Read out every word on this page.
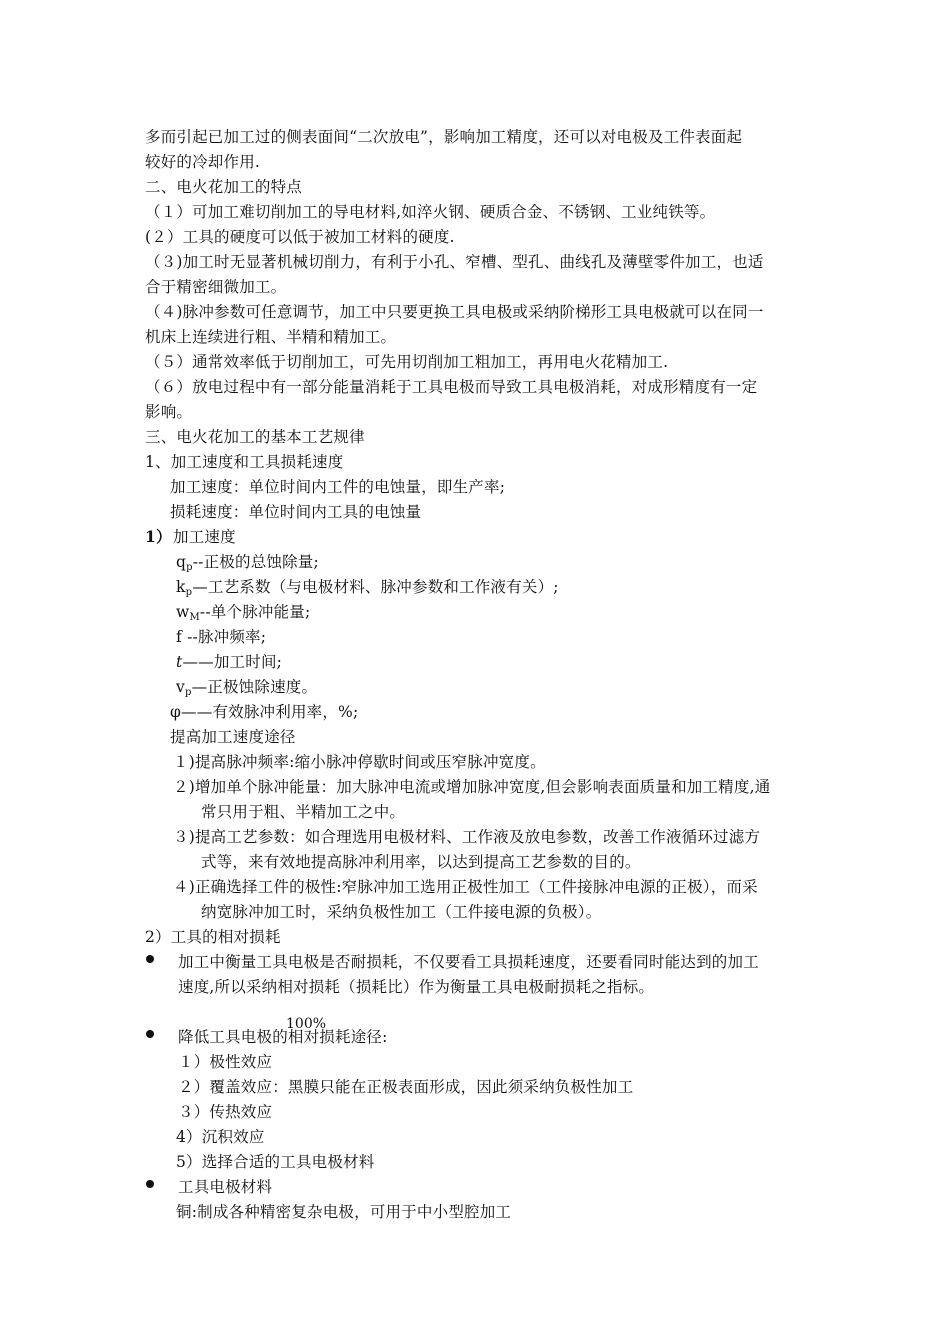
多而引起已加工过的侧表面间“二次放电”，影响加工精度，还可以对电极及工件表面起
较好的冷却作用.
二、电火花加工的特点
（１）可加工难切削加工的导电材料,如淬火钢、硬质合金、不锈钢、工业纯铁等。
(２）工具的硬度可以低于被加工材料的硬度.
（３)加工时无显著机械切削力，有利于小孔、窄槽、型孔、曲线孔及薄壁零件加工，也适
合于精密细微加工。
（４)脉冲参数可任意调节，加工中只要更换工具电极或采纳阶梯形工具电极就可以在同一
机床上连续进行粗、半精和精加工。
（５）通常效率低于切削加工，可先用切削加工粗加工，再用电火花精加工.
（６）放电过程中有一部分能量消耗于工具电极而导致工具电极消耗，对成形精度有一定
影响。
三、电火花加工的基本工艺规律
1、加工速度和工具损耗速度
加工速度：单位时间内工件的电蚀量，即生产率;
损耗速度：单位时间内工具的电蚀量
1） 加工速度
$q_p--$正极的总蚀除量;
$k_p—$工艺系数（与电极材料、脉冲参数和工作液有关）;
$w_M--$单个脉冲能量;
f --脉冲频率;
t——加工时间;
$v_p—$正极蚀除速度。
φ——有效脉冲利用率，%;
提高加工速度途径
１)提高脉冲频率:缩小脉冲停歇时间或压窄脉冲宽度。
２)增加单个脉冲能量：加大脉冲电流或增加脉冲宽度,但会影响表面质量和加工精度,通
常只用于粗、半精加工之中。
３)提高工艺参数：如合理选用电极材料、工作液及放电参数，改善工作液循环过滤方
式等，来有效地提高脉冲利用率，以达到提高工艺参数的目的。
４)正确选择工件的极性:窄脉冲加工选用正极性加工（工件接脉冲电源的正极），而采
纳宽脉冲加工时，采纳负极性加工（工件接电源的负极）。
2）工具的相对损耗
加工中衡量工具电极是否耐损耗，不仅要看工具损耗速度，还要看同时能达到的加工
速度,所以采纳相对损耗（损耗比）作为衡量工具电极耐损耗之指标。
100%
降低工具电极的相对损耗途径:
１）极性效应
２）覆盖效应：黑膜只能在正极表面形成，因此须采纳负极性加工
３）传热效应
4）沉积效应
5）选择合适的工具电极材料
工具电极材料
铜:制成各种精密复杂电极，可用于中小型腔加工
